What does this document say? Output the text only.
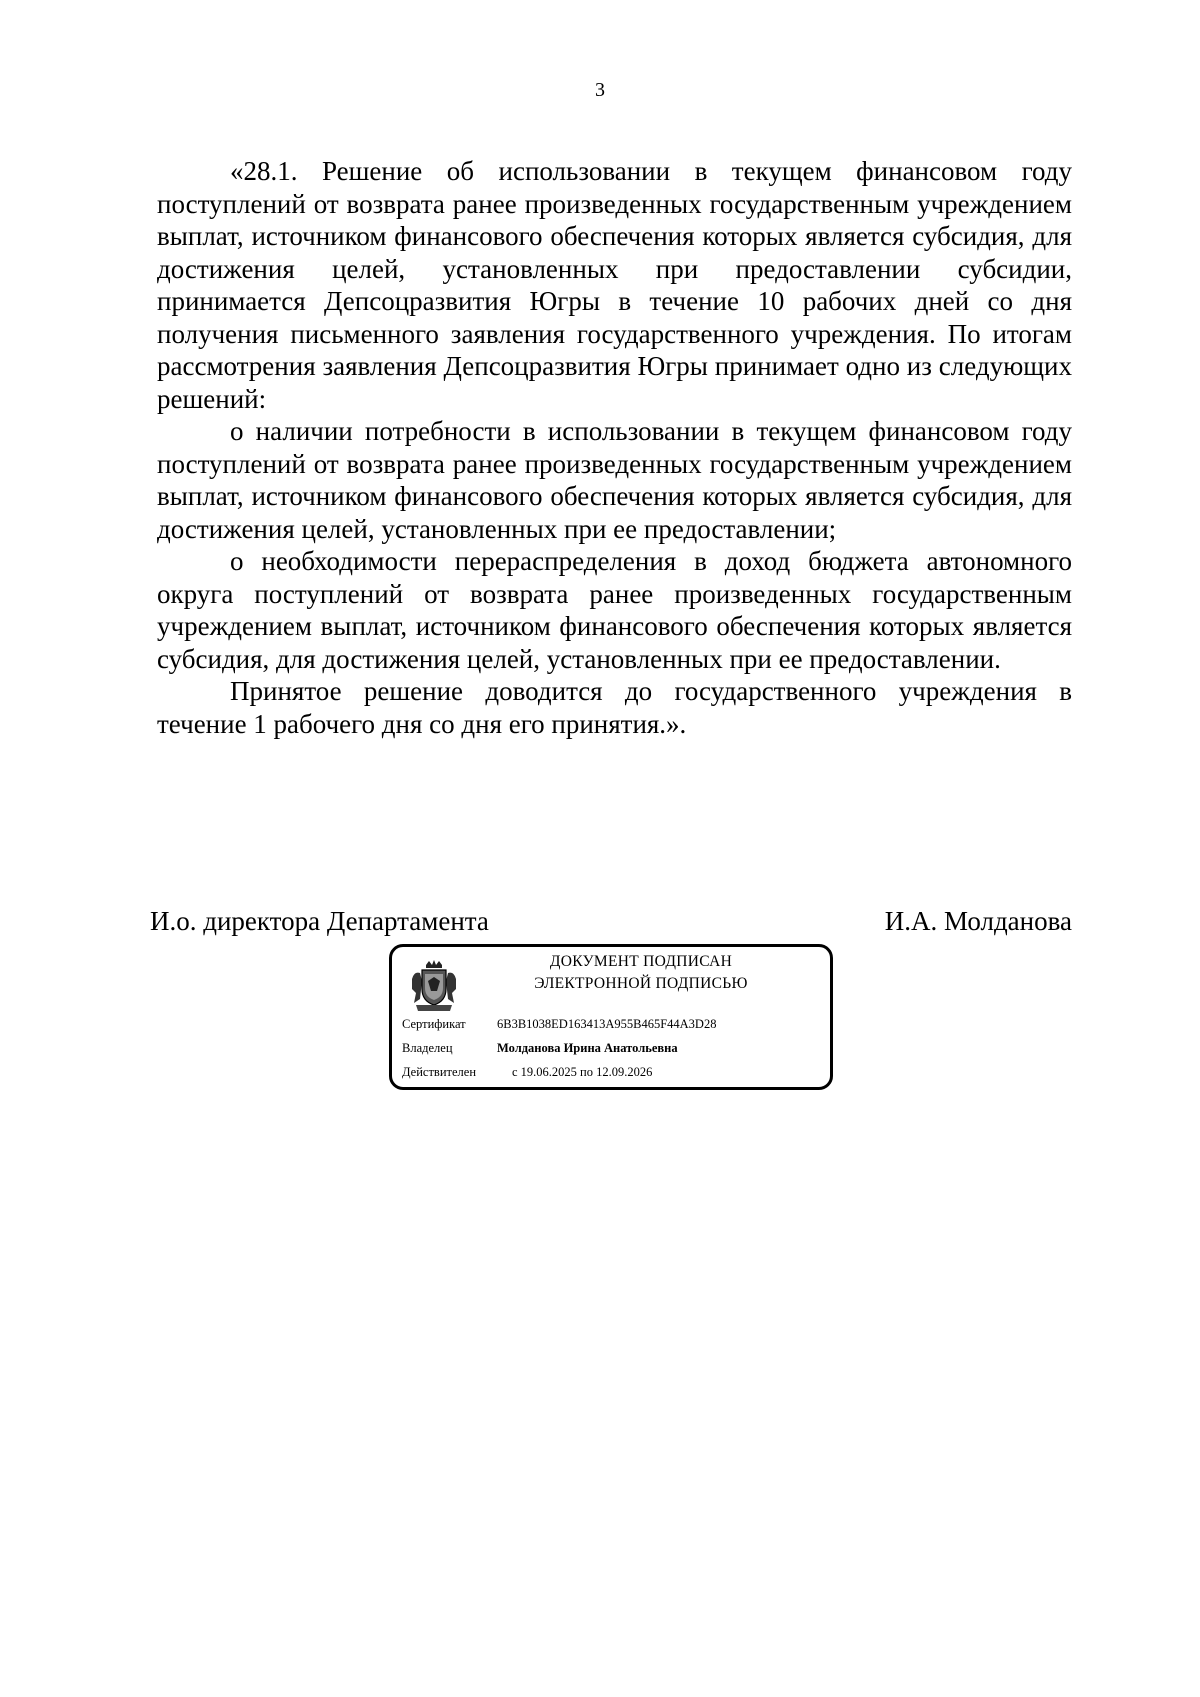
3

«28.1. Решение об использовании в текущем финансовом году поступлений от возврата ранее произведенных государственным учреждением выплат, источником финансового обеспечения которых является субсидия, для достижения целей, установленных при предоставлении субсидии, принимается Депсоцразвития Югры в течение 10 рабочих дней со дня получения письменного заявления государственного учреждения. По итогам рассмотрения заявления Депсоцразвития Югры принимает одно из следующих решений:

о наличии потребности в использовании в текущем финансовом году поступлений от возврата ранее произведенных государственным учреждением выплат, источником финансового обеспечения которых является субсидия, для достижения целей, установленных при ее предоставлении;

о необходимости перераспределения в доход бюджета автономного округа поступлений от возврата ранее произведенных государственным учреждением выплат, источником финансового обеспечения которых является субсидия, для достижения целей, установленных при ее предоставлении.

Принятое решение доводится до государственного учреждения в течение 1 рабочего дня со дня его принятия.».

И.о. директора Департамента	И.А. Молданова
ДОКУМЕНТ ПОДПИСАН
ЭЛЕКТРОННОЙ ПОДПИСЬЮ
Сертификат	6B3B1038ED163413A955B465F44A3D28
Владелец	Молданова Ирина Анатольевна
Действителен	с 19.06.2025 по 12.09.2026
